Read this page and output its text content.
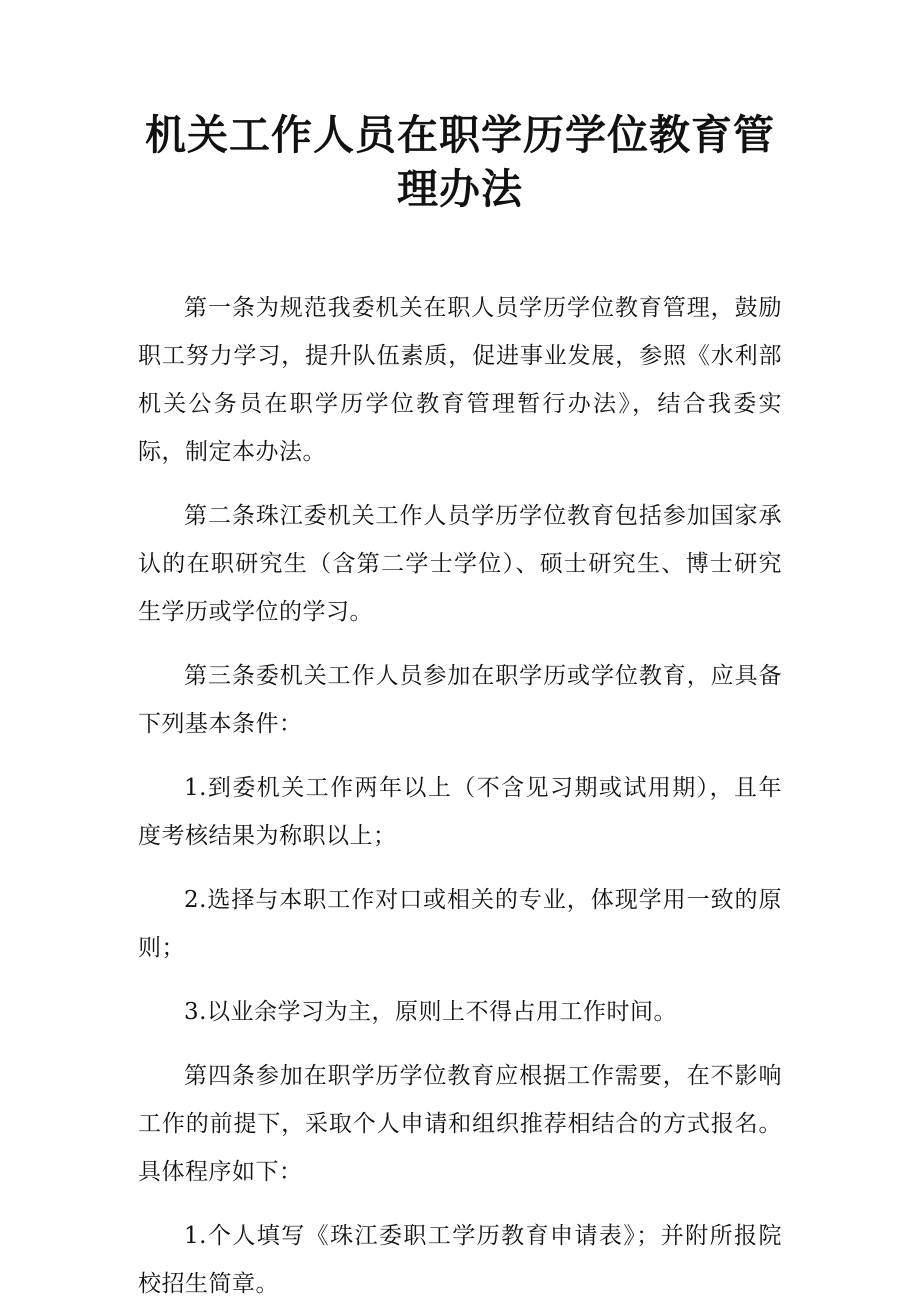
机关工作人员在职学历学位教育管理办法

第一条为规范我委机关在职人员学历学位教育管理，鼓励职工努力学习，提升队伍素质，促进事业发展，参照《水利部机关公务员在职学历学位教育管理暂行办法》，结合我委实际，制定本办法。

第二条珠江委机关工作人员学历学位教育包括参加国家承认的在职研究生（含第二学士学位）、硕士研究生、博士研究生学历或学位的学习。

第三条委机关工作人员参加在职学历或学位教育，应具备下列基本条件：

1.到委机关工作两年以上（不含见习期或试用期），且年度考核结果为称职以上；

2.选择与本职工作对口或相关的专业，体现学用一致的原则；

3.以业余学习为主，原则上不得占用工作时间。

第四条参加在职学历学位教育应根据工作需要，在不影响工作的前提下，采取个人申请和组织推荐相结合的方式报名。具体程序如下：

1.个人填写《珠江委职工学历教育申请表》；并附所报院校招生简章。
